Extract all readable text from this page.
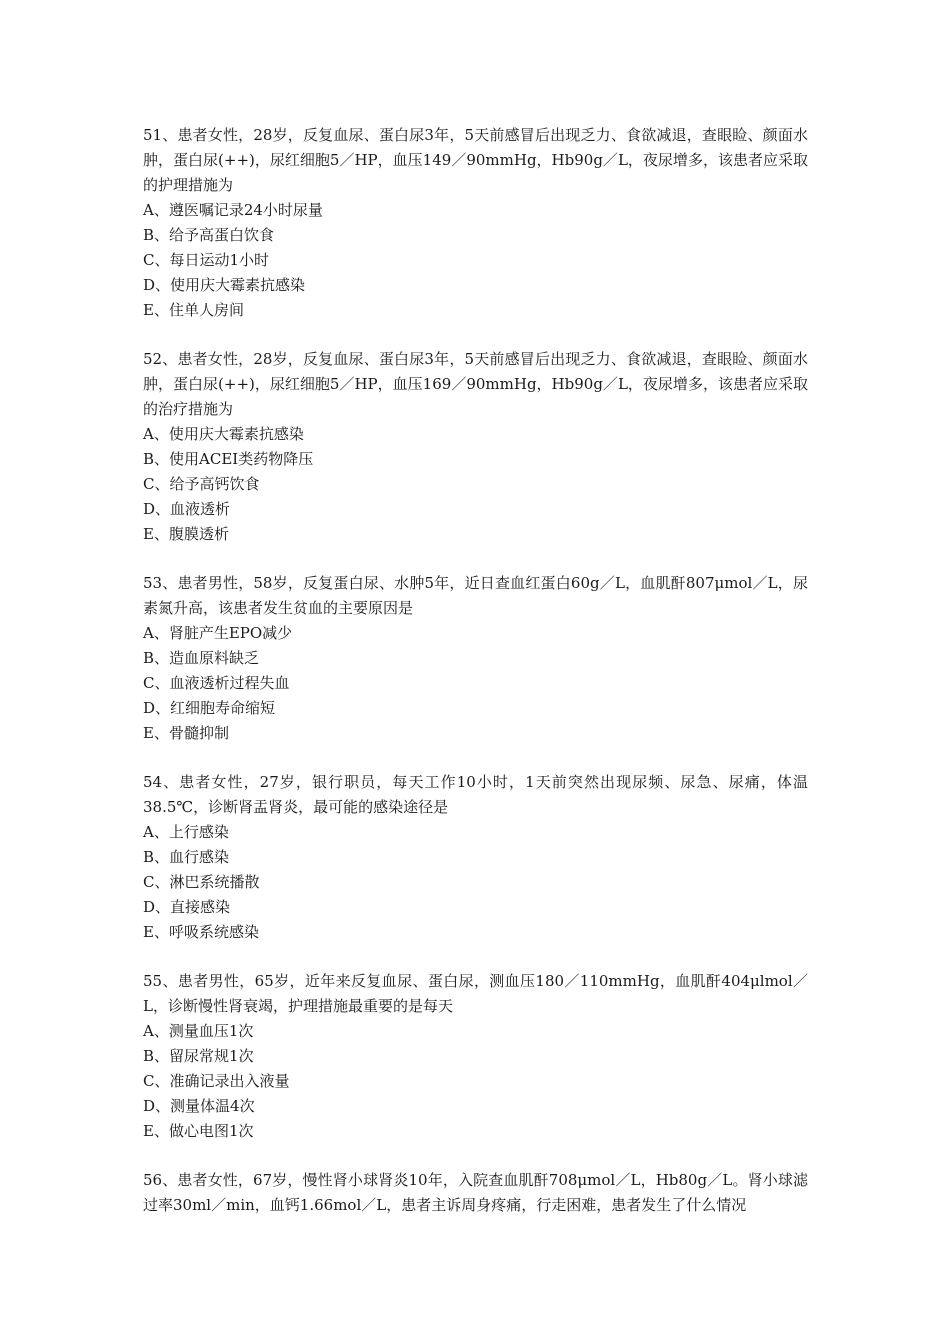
51、患者女性，28岁，反复血尿、蛋白尿3年，5天前感冒后出现乏力、食欲减退，查眼睑、颜面水肿，蛋白尿(++)，尿红细胞5／HP，血压149／90mmHg，Hb90g／L，夜尿增多，该患者应采取的护理措施为

A、遵医嘱记录24小时尿量

B、给予高蛋白饮食

C、每日运动1小时

D、使用庆大霉素抗感染

E、住单人房间

52、患者女性，28岁，反复血尿、蛋白尿3年，5天前感冒后出现乏力、食欲减退，查眼睑、颜面水肿，蛋白尿(++)，尿红细胞5／HP，血压169／90mmHg，Hb90g／L，夜尿增多，该患者应采取的治疗措施为

A、使用庆大霉素抗感染

B、使用ACEI类药物降压

C、给予高钙饮食

D、血液透析

E、腹膜透析

53、患者男性，58岁，反复蛋白尿、水肿5年，近日查血红蛋白60g／L，血肌酐807μmol／L，尿素氮升高，该患者发生贫血的主要原因是

A、肾脏产生EPO减少

B、造血原料缺乏

C、血液透析过程失血

D、红细胞寿命缩短

E、骨髓抑制

54、患者女性，27岁，银行职员，每天工作10小时，1天前突然出现尿频、尿急、尿痛，体温38.5℃，诊断肾盂肾炎，最可能的感染途径是

A、上行感染

B、血行感染

C、淋巴系统播散

D、直接感染

E、呼吸系统感染

55、患者男性，65岁，近年来反复血尿、蛋白尿，测血压180／110mmHg，血肌酐404μlmol／L，诊断慢性肾衰竭，护理措施最重要的是每天

A、测量血压1次

B、留尿常规1次

C、准确记录出入液量

D、测量体温4次

E、做心电图1次

56、患者女性，67岁，慢性肾小球肾炎10年，入院查血肌酐708μmol／L，Hb80g／L。肾小球滤过率30ml／min，血钙1.66mol／L，患者主诉周身疼痛，行走困难，患者发生了什么情况
